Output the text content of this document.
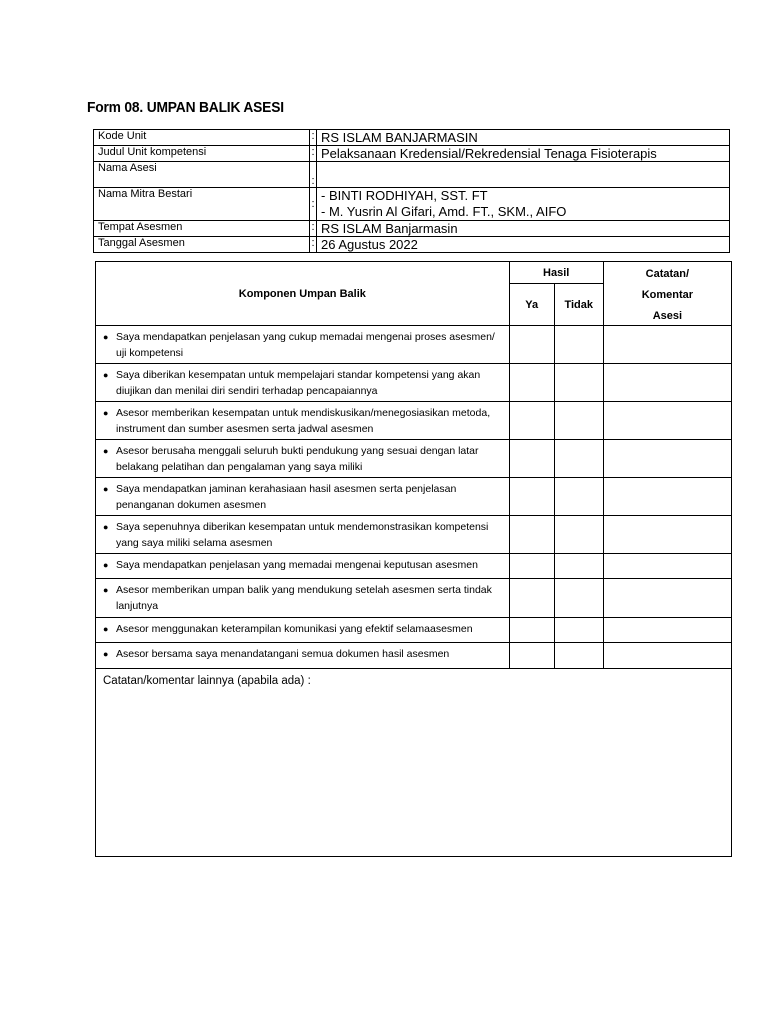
Form 08. UMPAN BALIK ASESI
Kode Unit	:	RS ISLAM BANJARMASIN
Judul Unit kompetensi	:	Pelaksanaan Kredensial/Rekredensial Tenaga Fisioterapis
Nama Asesi	:	
Nama Mitra Bestari	:	- BINTI RODHIYAH, SST. FT
- M. Yusrin Al Gifari, Amd. FT., SKM., AIFO

Tempat Asesmen	:	RS ISLAM Banjarmasin
Tanggal Asesmen	:	26 Agustus 2022
Komponen Umpan Balik	Hasil		Catatan/
Komentar
Asesi

	Ya	Tidak	

● Saya mendapatkan penjelasan yang cukup memadai mengenai proses asesmen/
uji kompetensi			

● Saya diberikan kesempatan untuk mempelajari standar kompetensi yang akan
diujikan dan menilai diri sendiri terhadap pencapaiannya			

● Asesor memberikan kesempatan untuk mendiskusikan/menegosiasikan metoda,
instrument dan sumber asesmen serta jadwal asesmen			

● Asesor berusaha menggali seluruh bukti pendukung yang sesuai dengan latar
belakang pelatihan dan pengalaman yang saya miliki			

● Saya mendapatkan jaminan kerahasiaan hasil asesmen serta penjelasan
penanganan dokumen asesmen			

● Saya sepenuhnya diberikan kesempatan untuk mendemonstrasikan kompetensi
yang saya miliki selama asesmen			

● Saya mendapatkan penjelasan yang memadai mengenai keputusan asesmen			

● Asesor memberikan umpan balik yang mendukung setelah asesmen serta tindak
lanjutnya			

● Asesor menggunakan keterampilan komunikasi yang efektif selamaasesmen			

● Asesor bersama saya menandatangani semua dokumen hasil asesmen			

Catatan/komentar lainnya (apabila ada) :			
